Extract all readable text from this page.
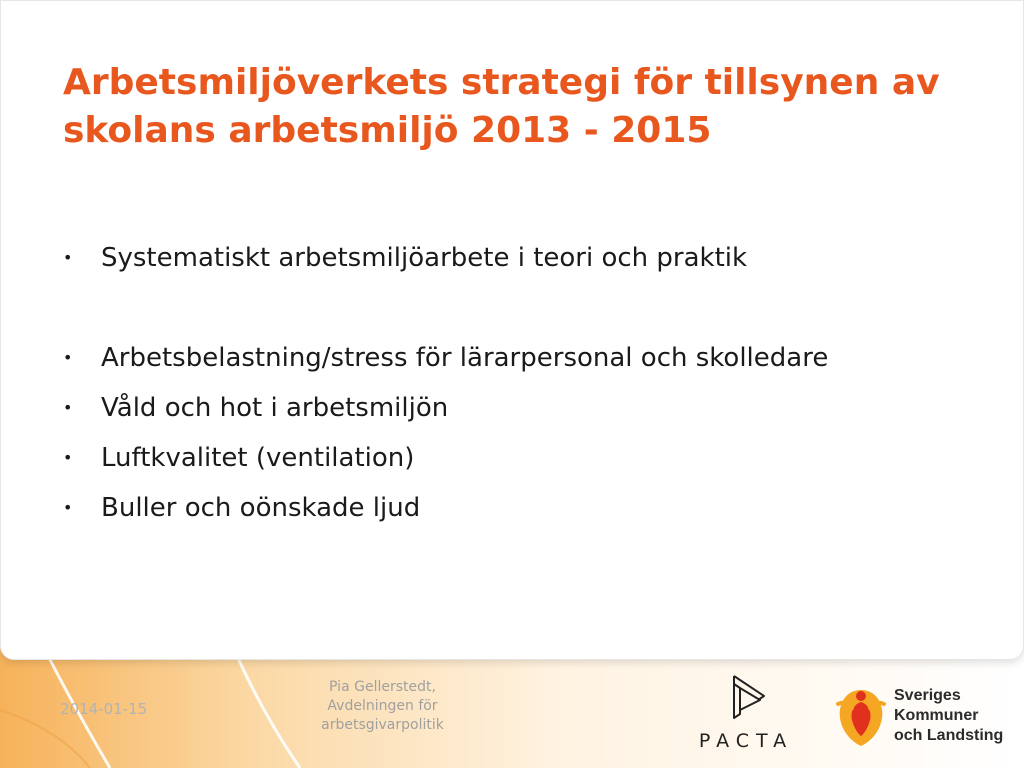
Arbetsmiljöverkets strategi för tillsynen av skolans arbetsmiljö 2013 - 2015
• Systematiskt arbetsmiljöarbete i teori och praktik
• Arbetsbelastning/stress för lärarpersonal och skolledare
• Våld och hot i arbetsmiljön
• Luftkvalitet (ventilation)
• Buller och oönskade ljud
2014-01-15
Pia Gellerstedt,
Avdelningen för
arbetsgivarpolitik
PACTA
Sveriges
Kommuner
och Landsting
